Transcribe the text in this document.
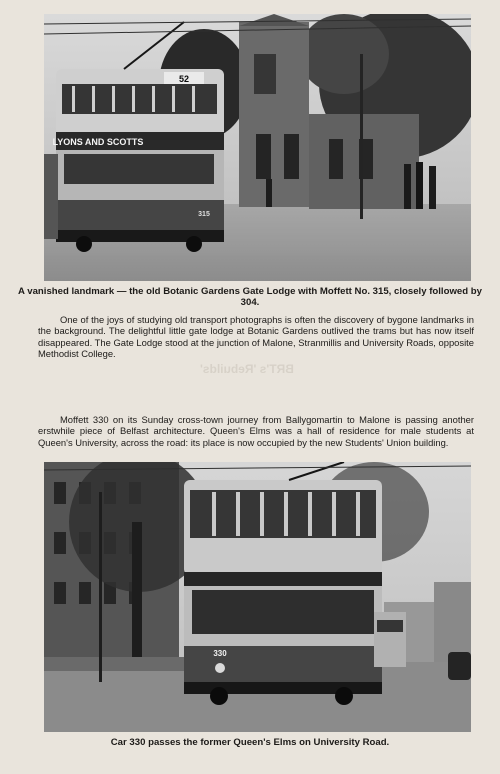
52
LYONS AND SCOTTS
315
A vanished landmark — the old Botanic Gardens Gate Lodge with Moffett No. 315, closely followed by 304.
One of the joys of studying old transport photographs is often the discovery of bygone landmarks in the background. The delightful little gate lodge at Botanic Gardens outlived the trams but has now itself disappeared. The Gate Lodge stood at the junction of Malone, Stranmillis and University Roads, opposite Methodist College.
BRT's 'Rebuilds'
Moffett 330 on its Sunday cross-town journey from Ballygomartin to Malone is passing another erstwhile piece of Belfast architecture. Queen's Elms was a hall of residence for male students at Queen's University, across the road: its place is now occupied by the new Students' Union building.
330
Car 330 passes the former Queen's Elms on University Road.
